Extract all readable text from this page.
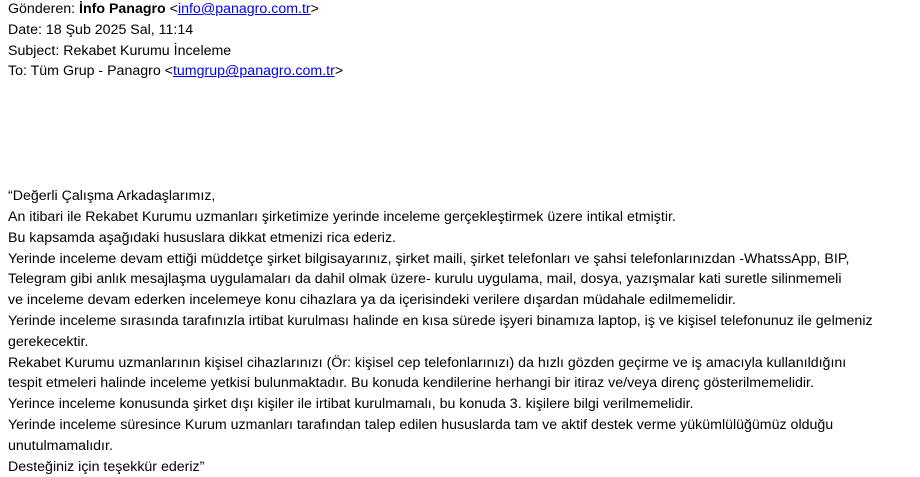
Gönderen: İnfo Panagro <info@panagro.com.tr>
Date: 18 Şub 2025 Sal, 11:14
Subject: Rekabet Kurumu İnceleme
To: Tüm Grup - Panagro <tumgrup@panagro.com.tr>
“Değerli Çalışma Arkadaşlarımız,
An itibari ile Rekabet Kurumu uzmanları şirketimize yerinde inceleme gerçekleştirmek üzere intikal etmiştir.
Bu kapsamda aşağıdaki hususlara dikkat etmenizi rica ederiz.
Yerinde inceleme devam ettiği müddetçe şirket bilgisayarınız, şirket maili, şirket telefonları ve şahsi telefonlarınızdan -WhatssApp, BIP,
Telegram gibi anlık mesajlaşma uygulamaları da dahil olmak üzere- kurulu uygulama, mail, dosya, yazışmalar kati suretle silinmemeli
ve inceleme devam ederken incelemeye konu cihazlara ya da içerisindeki verilere dışardan müdahale edilmemelidir.
Yerinde inceleme sırasında tarafınızla irtibat kurulması halinde en kısa sürede işyeri binamıza laptop, iş ve kişisel telefonunuz ile gelmeniz
gerekecektir.
Rekabet Kurumu uzmanlarının kişisel cihazlarınızı (Ör: kişisel cep telefonlarınızı) da hızlı gözden geçirme ve iş amacıyla kullanıldığını
tespit etmeleri halinde inceleme yetkisi bulunmaktadır. Bu konuda kendilerine herhangi bir itiraz ve/veya direnç gösterilmemelidir.
Yerince inceleme konusunda şirket dışı kişiler ile irtibat kurulmamalı, bu konuda 3. kişilere bilgi verilmemelidir.
Yerinde inceleme süresince Kurum uzmanları tarafından talep edilen hususlarda tam ve aktif destek verme yükümlülüğümüz olduğu
unutulmamalıdır.
Desteğiniz için teşekkür ederiz”
